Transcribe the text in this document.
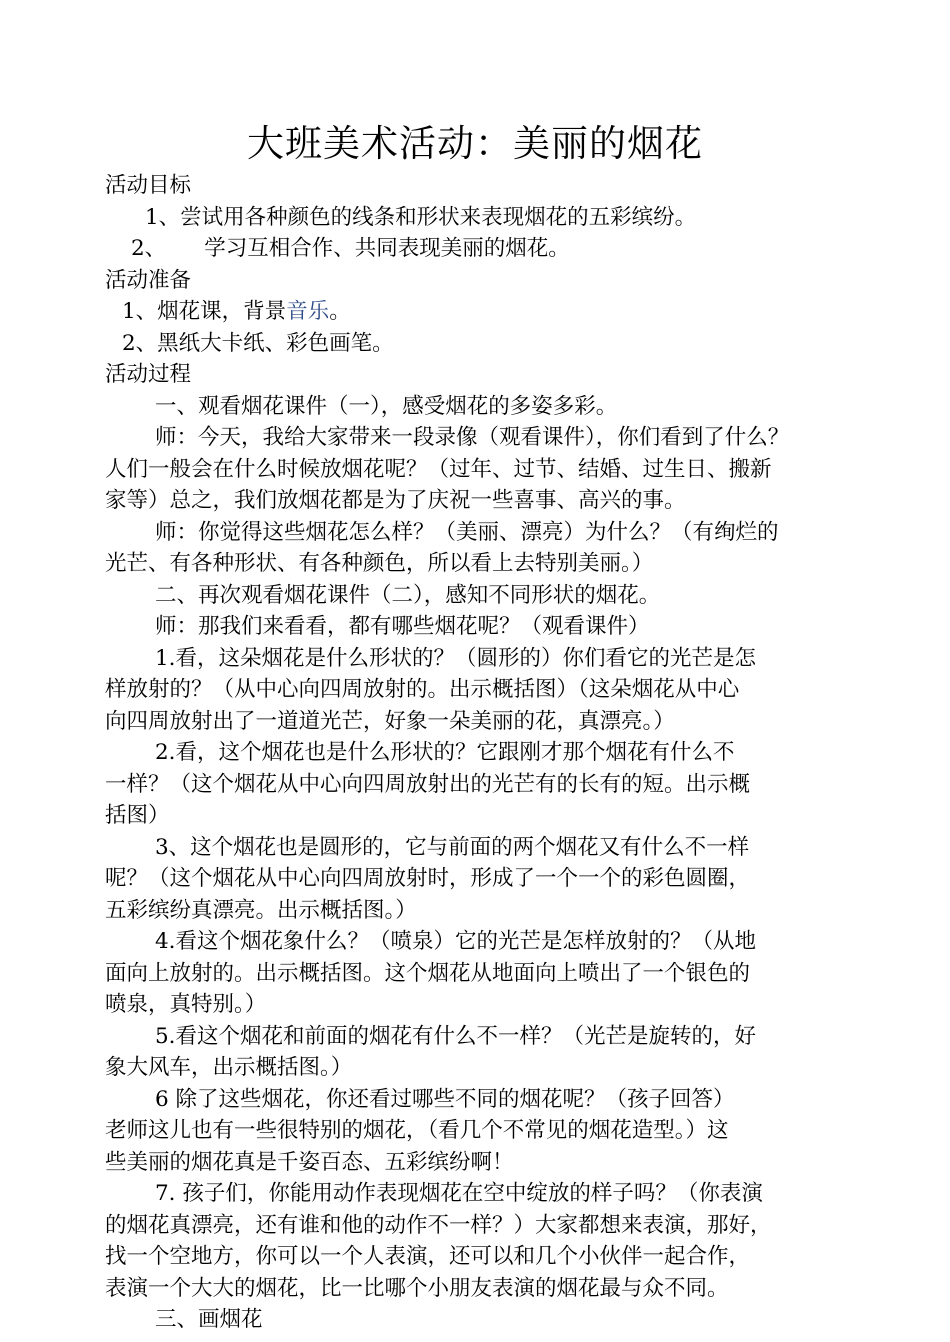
大班美术活动：美丽的烟花
活动目标
1、尝试用各种颜色的线条和形状来表现烟花的五彩缤纷。
2、 学习互相合作、共同表现美丽的烟花。
活动准备
1、烟花课，背景音乐。
2、黑纸大卡纸、彩色画笔。
活动过程
一、观看烟花课件（一），感受烟花的多姿多彩。
师：今天，我给大家带来一段录像（观看课件），你们看到了什么？
人们一般会在什么时候放烟花呢？（过年、过节、结婚、过生日、搬新
家等）总之，我们放烟花都是为了庆祝一些喜事、高兴的事。
师：你觉得这些烟花怎么样？（美丽、漂亮）为什么？（有绚烂的
光芒、有各种形状、有各种颜色，所以看上去特别美丽。）
二、再次观看烟花课件（二），感知不同形状的烟花。
师：那我们来看看，都有哪些烟花呢？（观看课件）
1.看，这朵烟花是什么形状的？（圆形的）你们看它的光芒是怎
样放射的？（从中心向四周放射的。出示概括图）（这朵烟花从中心
向四周放射出了一道道光芒，好象一朵美丽的花，真漂亮。）
2.看，这个烟花也是什么形状的？它跟刚才那个烟花有什么不
一样？（这个烟花从中心向四周放射出的光芒有的长有的短。出示概
括图）
3、这个烟花也是圆形的，它与前面的两个烟花又有什么不一样
呢？（这个烟花从中心向四周放射时，形成了一个一个的彩色圆圈，
五彩缤纷真漂亮。出示概括图。）
4.看这个烟花象什么？（喷泉）它的光芒是怎样放射的？（从地
面向上放射的。出示概括图。这个烟花从地面向上喷出了一个银色的
喷泉，真特别。）
5.看这个烟花和前面的烟花有什么不一样？（光芒是旋转的，好
象大风车，出示概括图。）
6 除了这些烟花，你还看过哪些不同的烟花呢？（孩子回答）
老师这儿也有一些很特别的烟花，（看几个不常见的烟花造型。）这
些美丽的烟花真是千姿百态、五彩缤纷啊！
7. 孩子们，你能用动作表现烟花在空中绽放的样子吗？（你表演
的烟花真漂亮，还有谁和他的动作不一样？）大家都想来表演，那好，
找一个空地方，你可以一个人表演，还可以和几个小伙伴一起合作，
表演一个大大的烟花，比一比哪个小朋友表演的烟花最与众不同。
三、画烟花
